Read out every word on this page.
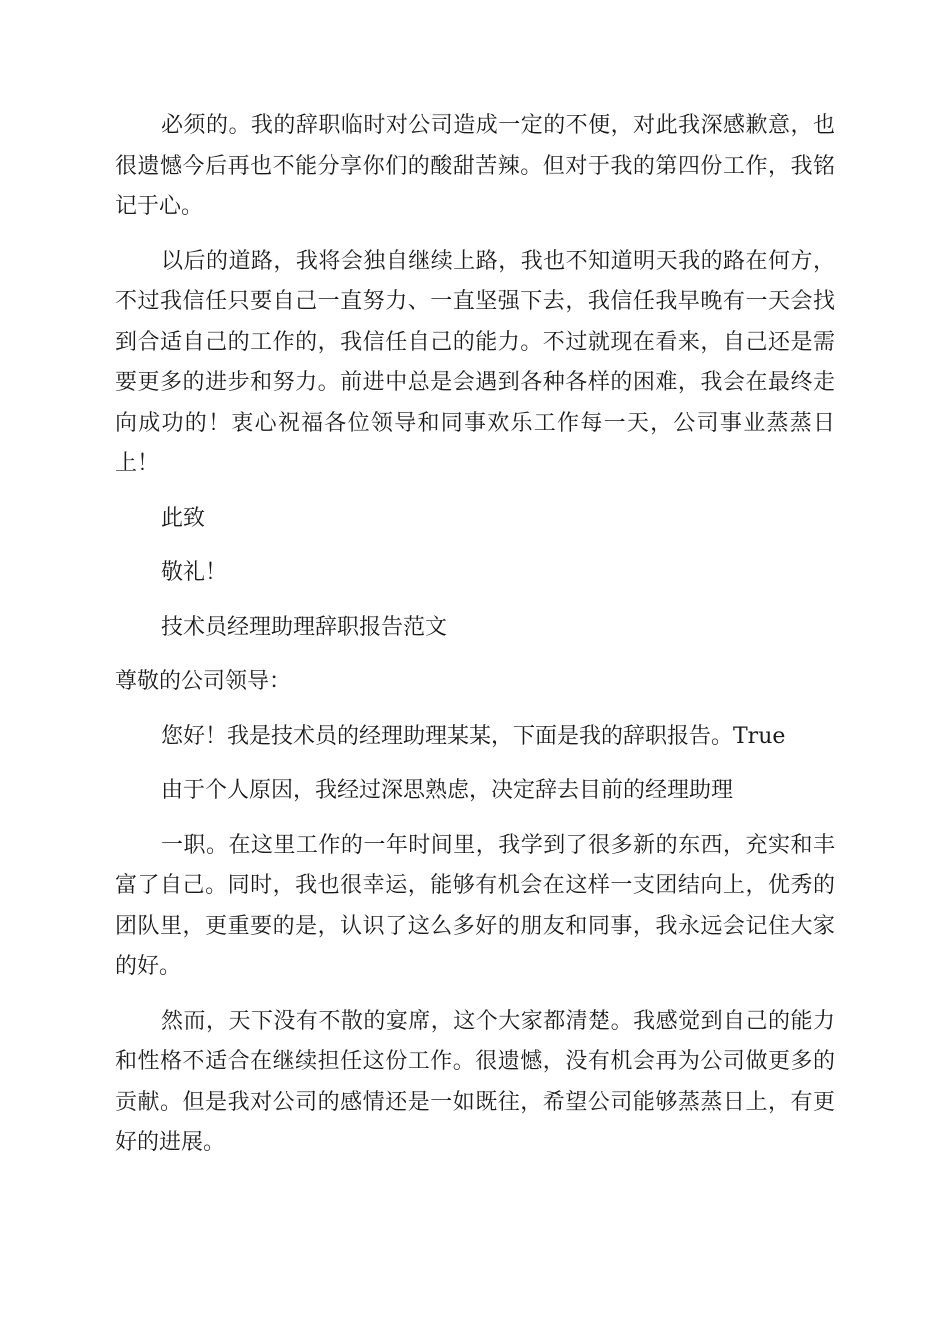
必须的。我的辞职临时对公司造成一定的不便，对此我深感歉意，也很遗憾今后再也不能分享你们的酸甜苦辣。但对于我的第四份工作，我铭记于心。

以后的道路，我将会独自继续上路，我也不知道明天我的路在何方，不过我信任只要自己一直努力、一直坚强下去，我信任我早晚有一天会找到合适自己的工作的，我信任自己的能力。不过就现在看来，自己还是需要更多的进步和努力。前进中总是会遇到各种各样的困难，我会在最终走向成功的！衷心祝福各位领导和同事欢乐工作每一天，公司事业蒸蒸日上！

此致

敬礼！

技术员经理助理辞职报告范文

尊敬的公司领导：

您好！我是技术员的经理助理某某，下面是我的辞职报告。True

由于个人原因，我经过深思熟虑，决定辞去目前的经理助理

一职。在这里工作的一年时间里，我学到了很多新的东西，充实和丰富了自己。同时，我也很幸运，能够有机会在这样一支团结向上，优秀的团队里，更重要的是，认识了这么多好的朋友和同事，我永远会记住大家的好。

然而，天下没有不散的宴席，这个大家都清楚。我感觉到自己的能力和性格不适合在继续担任这份工作。很遗憾，没有机会再为公司做更多的贡献。但是我对公司的感情还是一如既往，希望公司能够蒸蒸日上，有更好的进展。
